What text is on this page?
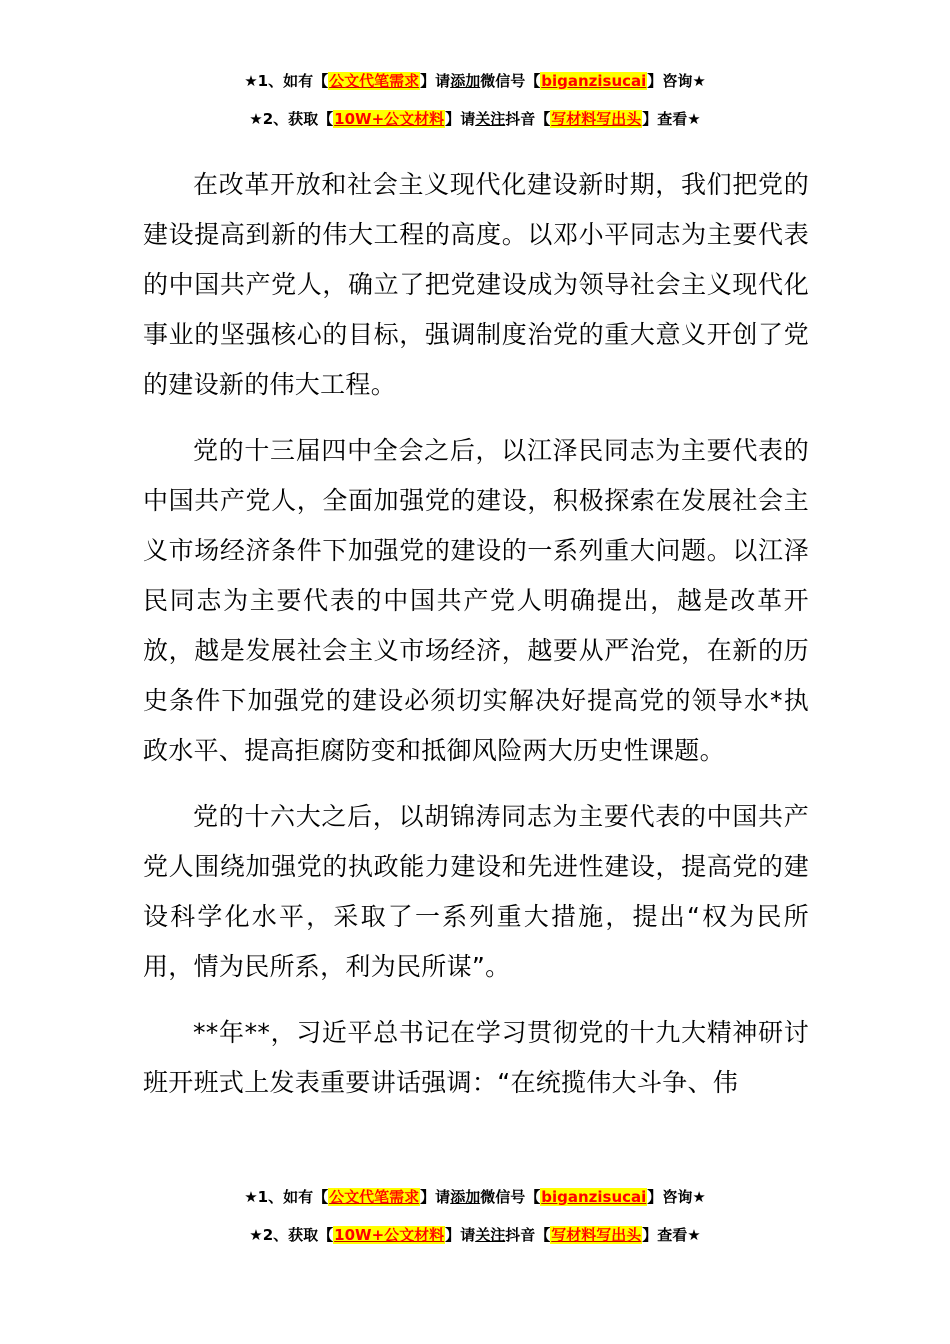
★1、如有【公文代笔需求】请添加微信号【biganzisucai】咨询★
★2、获取【10W+公文材料】请关注抖音【写材料写出头】查看★

在改革开放和社会主义现代化建设新时期，我们把党的建设提高到新的伟大工程的高度。以邓小平同志为主要代表的中国共产党人，确立了把党建设成为领导社会主义现代化事业的坚强核心的目标，强调制度治党的重大意义开创了党的建设新的伟大工程。

党的十三届四中全会之后，以江泽民同志为主要代表的中国共产党人，全面加强党的建设，积极探索在发展社会主义市场经济条件下加强党的建设的一系列重大问题。以江泽民同志为主要代表的中国共产党人明确提出，越是改革开放，越是发展社会主义市场经济，越要从严治党，在新的历史条件下加强党的建设必须切实解决好提高党的领导水*执政水平、提高拒腐防变和抵御风险两大历史性课题。

党的十六大之后，以胡锦涛同志为主要代表的中国共产党人围绕加强党的执政能力建设和先进性建设，提高党的建设科学化水平，采取了一系列重大措施，提出“权为民所用，情为民所系，利为民所谋”。

**年**，习近平总书记在学习贯彻党的十九大精神研讨班开班式上发表重要讲话强调：“在统揽伟大斗争、伟

★1、如有【公文代笔需求】请添加微信号【biganzisucai】咨询★
★2、获取【10W+公文材料】请关注抖音【写材料写出头】查看★
